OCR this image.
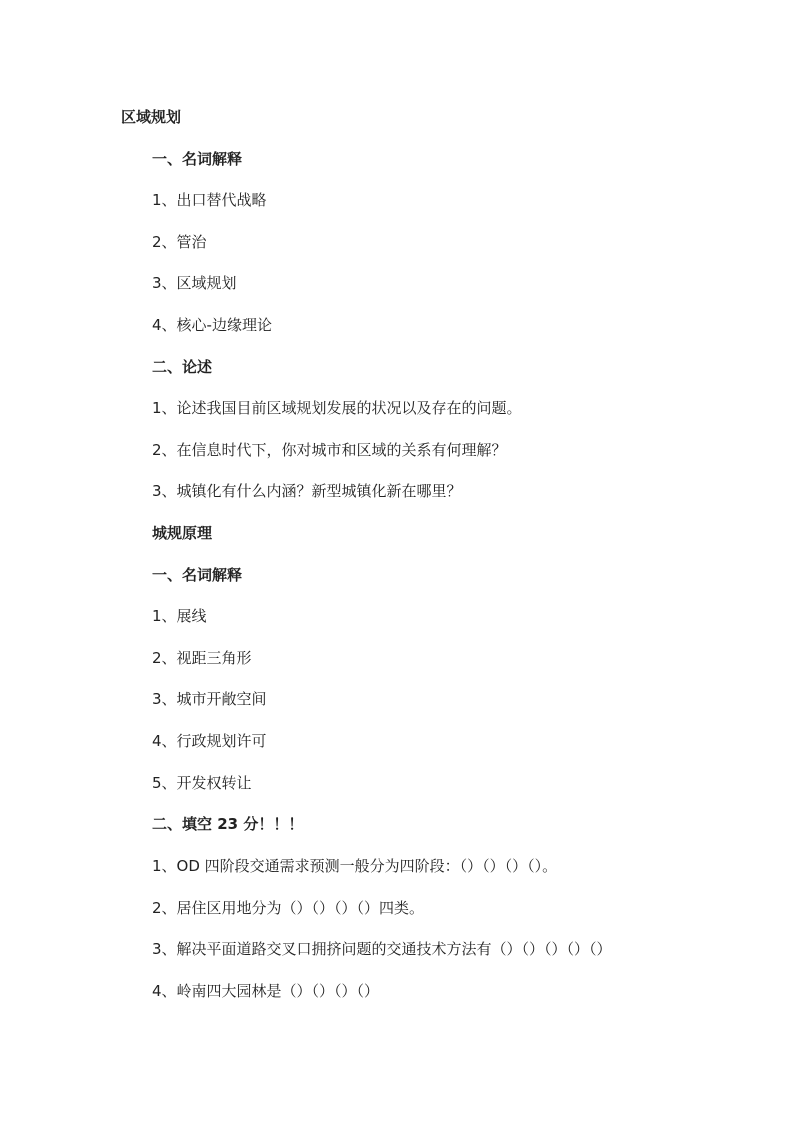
区域规划
一、名词解释
1、出口替代战略
2、管治
3、区域规划
4、核心-边缘理论
二、论述
1、论述我国目前区域规划发展的状况以及存在的问题。
2、在信息时代下，你对城市和区域的关系有何理解？
3、城镇化有什么内涵？新型城镇化新在哪里？
城规原理
一、名词解释
1、展线
2、视距三角形
3、城市开敞空间
4、行政规划许可
5、开发权转让
二、填空 23 分！！！
1、OD 四阶段交通需求预测一般分为四阶段：（）（）（）（）。
2、居住区用地分为（）（）（）（）四类。
3、解决平面道路交叉口拥挤问题的交通技术方法有（）（）（）（）（）
4、岭南四大园林是（）（）（）（）
